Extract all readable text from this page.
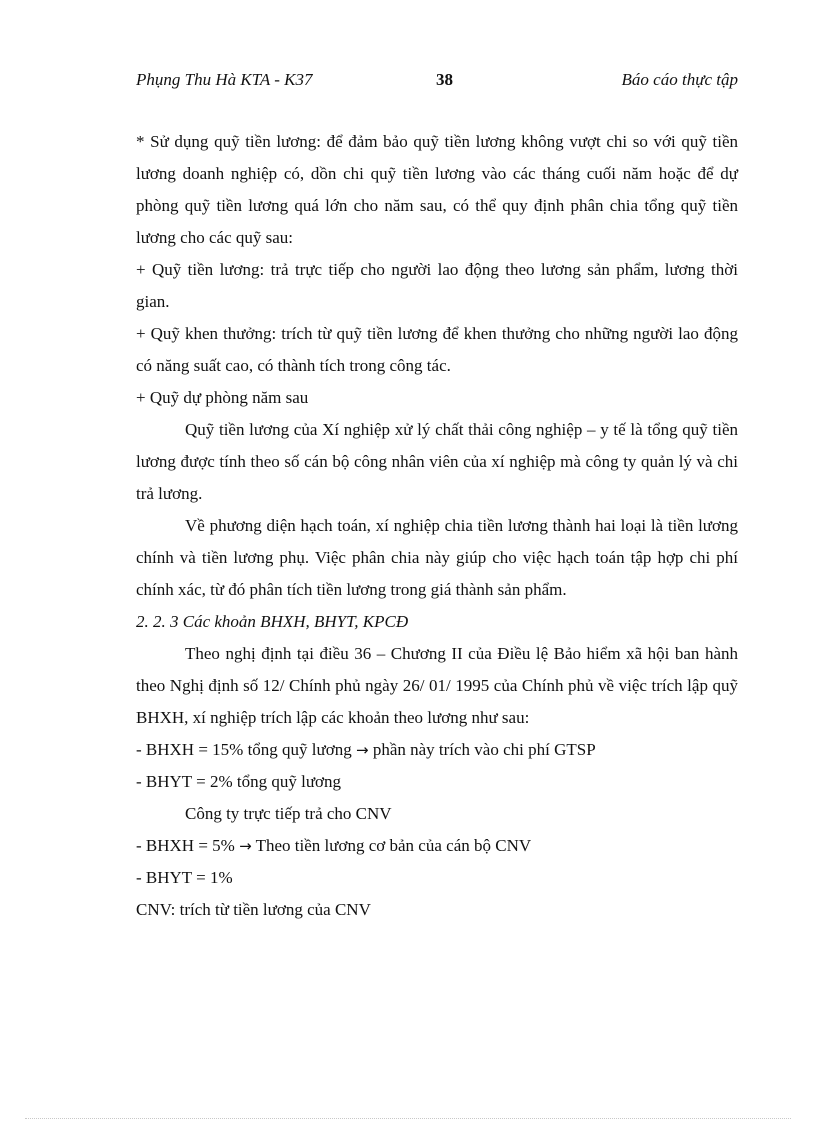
Phụng Thu Hà KTA - K37	38	Báo cáo thực tập

* Sử dụng quỹ tiền lương: để đảm bảo quỹ tiền lương không vượt chi so với quỹ tiền lương doanh nghiệp có, dồn chi quỹ tiền lương vào các tháng cuối năm hoặc để dự phòng quỹ tiền lương quá lớn cho năm sau, có thể quy định phân chia tổng quỹ tiền lương cho các quỹ sau:

+ Quỹ tiền lương: trả trực tiếp cho người lao động theo lương sản phẩm, lương thời gian.

+ Quỹ khen thưởng: trích từ quỹ tiền lương để khen thưởng cho những người lao động có năng suất cao, có thành tích trong công tác.

+ Quỹ dự phòng năm sau

Quỹ tiền lương của Xí nghiệp xử lý chất thải công nghiệp – y tế là tổng quỹ tiền lương được tính theo số cán bộ công nhân viên của xí nghiệp mà công ty quản lý và chi trả lương.

Về phương diện hạch toán, xí nghiệp chia tiền lương thành hai loại là tiền lương chính và tiền lương phụ. Việc phân chia này giúp cho việc hạch toán tập hợp chi phí chính xác, từ đó phân tích tiền lương trong giá thành sản phẩm.

2. 2. 3 Các khoản BHXH, BHYT, KPCĐ

Theo nghị định tại điều 36 – Chương II của Điều lệ Bảo hiểm xã hội ban hành theo Nghị định số 12/ Chính phủ ngày 26/ 01/ 1995 của Chính phủ về việc trích lập quỹ BHXH, xí nghiệp trích lập các khoản theo lương như sau:

- BHXH = 15% tổng quỹ lương → phần này trích vào chi phí GTSP

- BHYT = 2% tổng quỹ lương

Công ty trực tiếp trả cho CNV

- BHXH = 5% → Theo tiền lương cơ bản của cán bộ CNV

- BHYT = 1%

CNV: trích từ tiền lương của CNV
